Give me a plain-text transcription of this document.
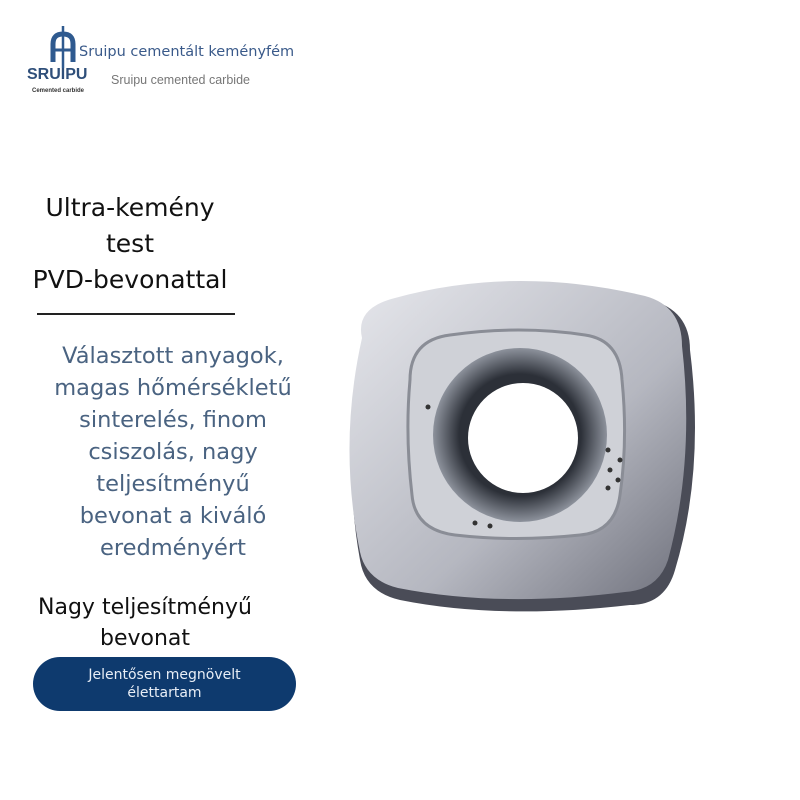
SRUIPU
Cemented carbide
Sruipu cementált keményfém
Sruipu cemented carbide
Ultra-kemény
test
PVD-bevonattal
Választott anyagok,
magas hőmérsékletű
sinterelés, finom
csiszolás, nagy
teljesítményű
bevonat a kiváló
eredményért
Nagy teljesítményű
bevonat
Jelentősen megnövelt
élettartam
